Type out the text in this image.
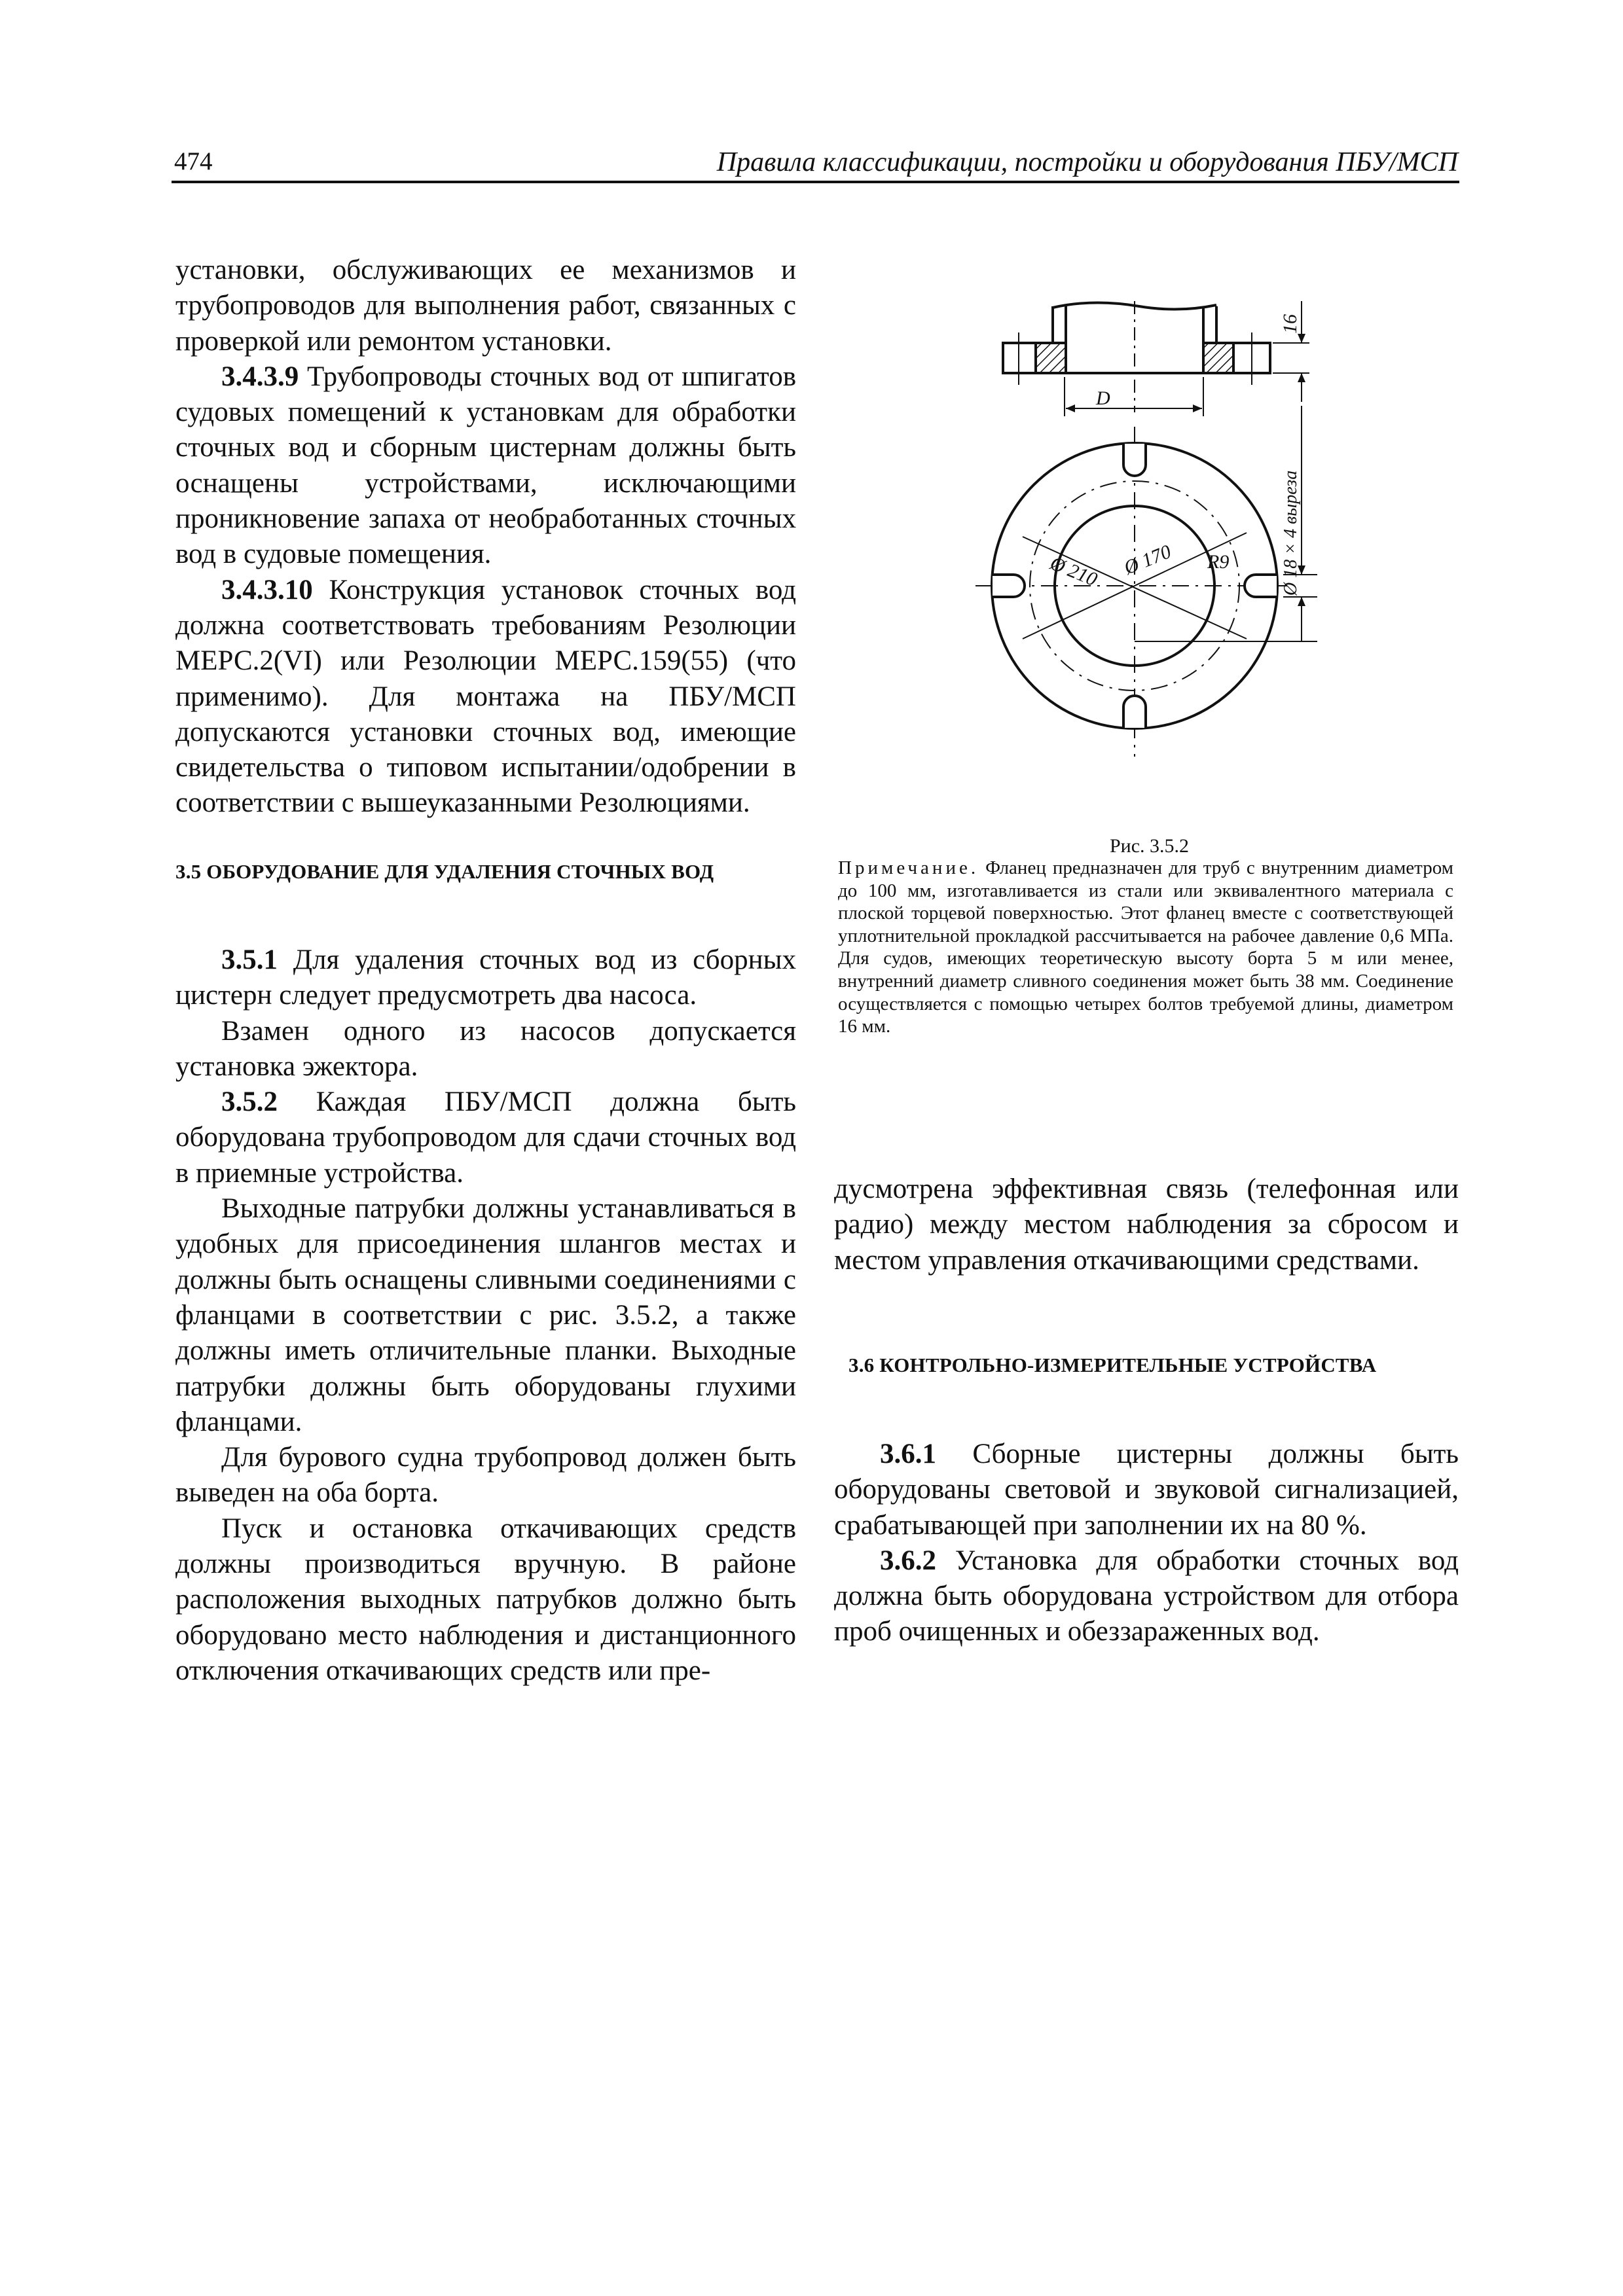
474	Правила классификации, постройки и оборудования ПБУ/МСП

установки, обслуживающих ее механизмов и трубопроводов для выполнения работ, связанных с проверкой или ремонтом установки.

3.4.3.9 Трубопроводы сточных вод от шпигатов судовых помещений к установкам для обработки сточных вод и сборным цистернам должны быть оснащены устройствами, исключающими проникновение запаха от необработанных сточных вод в судовые помещения.

3.4.3.10 Конструкция установок сточных вод должна соответствовать требованиям Резолюции МЕРС.2(VI) или Резолюции МЕРС.159(55) (что применимо). Для монтажа на ПБУ/МСП допускаются установки сточных вод, имеющие свидетельства о типовом испытании/одобрении в соответствии с вышеуказанными Резолюциями.

3.5 ОБОРУДОВАНИЕ ДЛЯ УДАЛЕНИЯ СТОЧНЫХ ВОД

3.5.1 Для удаления сточных вод из сборных цистерн следует предусмотреть два насоса.

Взамен одного из насосов допускается установка эжектора.

3.5.2 Каждая ПБУ/МСП должна быть оборудована трубопроводом для сдачи сточных вод в приемные устройства.

Выходные патрубки должны устанавливаться в удобных для присоединения шлангов местах и должны быть оснащены сливными соединениями с фланцами в соответствии с рис. 3.5.2, а также должны иметь отличительные планки. Выходные патрубки должны быть оборудованы глухими фланцами.

Для бурового судна трубопровод должен быть выведен на оба борта.

Пуск и остановка откачивающих средств должны производиться вручную. В районе расположения выходных патрубков должно быть оборудовано место наблюдения и дистанционного отключения откачивающих средств или пре-

D
16
Ø 210 Ø 170 R9	Ø 18 × 4 выреза
Рис. 3.5.2
Примечание. Фланец предназначен для труб с внутренним диаметром до 100 мм, изготавливается из стали или эквивалентного материала с плоской торцевой поверхностью. Этот фланец вместе с соответствующей уплотнительной прокладкой рассчитывается на рабочее давление 0,6 МПа. Для судов, имеющих теоретическую высоту борта 5 м или менее, внутренний диаметр сливного соединения может быть 38 мм. Соединение осуществляется с помощью четырех болтов требуемой длины, диаметром 16 мм.

дусмотрена эффективная связь (телефонная или радио) между местом наблюдения за сбросом и местом управления откачивающими средствами.

3.6 КОНТРОЛЬНО-ИЗМЕРИТЕЛЬНЫЕ УСТРОЙСТВА

3.6.1 Сборные цистерны должны быть оборудованы световой и звуковой сигнализацией, срабатывающей при заполнении их на 80 %.

3.6.2 Установка для обработки сточных вод должна быть оборудована устройством для отбора проб очищенных и обеззараженных вод.
